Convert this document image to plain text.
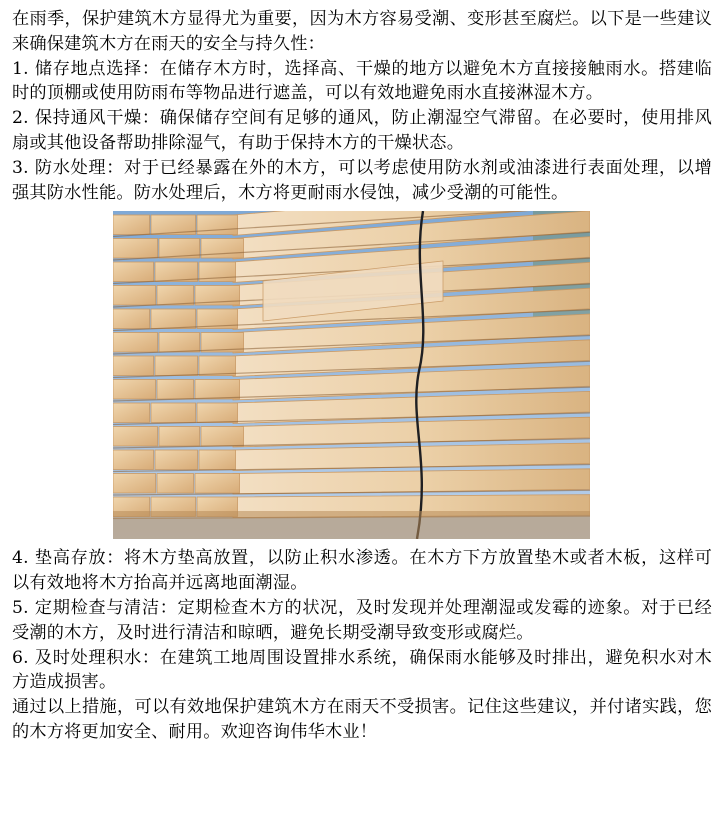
在雨季，保护建筑木方显得尤为重要，因为木方容易受潮、变形甚至腐烂。以下是一些建议来确保建筑木方在雨天的安全与持久性：

1. 储存地点选择：在储存木方时，选择高、干燥的地方以避免木方直接接触雨水。搭建临时的顶棚或使用防雨布等物品进行遮盖，可以有效地避免雨水直接淋湿木方。

2. 保持通风干燥：确保储存空间有足够的通风，防止潮湿空气滞留。在必要时，使用排风扇或其他设备帮助排除湿气，有助于保持木方的干燥状态。

3. 防水处理：对于已经暴露在外的木方，可以考虑使用防水剂或油漆进行表面处理，以增强其防水性能。防水处理后，木方将更耐雨水侵蚀，减少受潮的可能性。

4. 垫高存放：将木方垫高放置，以防止积水渗透。在木方下方放置垫木或者木板，这样可以有效地将木方抬高并远离地面潮湿。

5. 定期检查与清洁：定期检查木方的状况，及时发现并处理潮湿或发霉的迹象。对于已经受潮的木方，及时进行清洁和晾晒，避免长期受潮导致变形或腐烂。

6. 及时处理积水：在建筑工地周围设置排水系统，确保雨水能够及时排出，避免积水对木方造成损害。

通过以上措施，可以有效地保护建筑木方在雨天不受损害。记住这些建议，并付诸实践，您的木方将更加安全、耐用。欢迎咨询伟华木业！
